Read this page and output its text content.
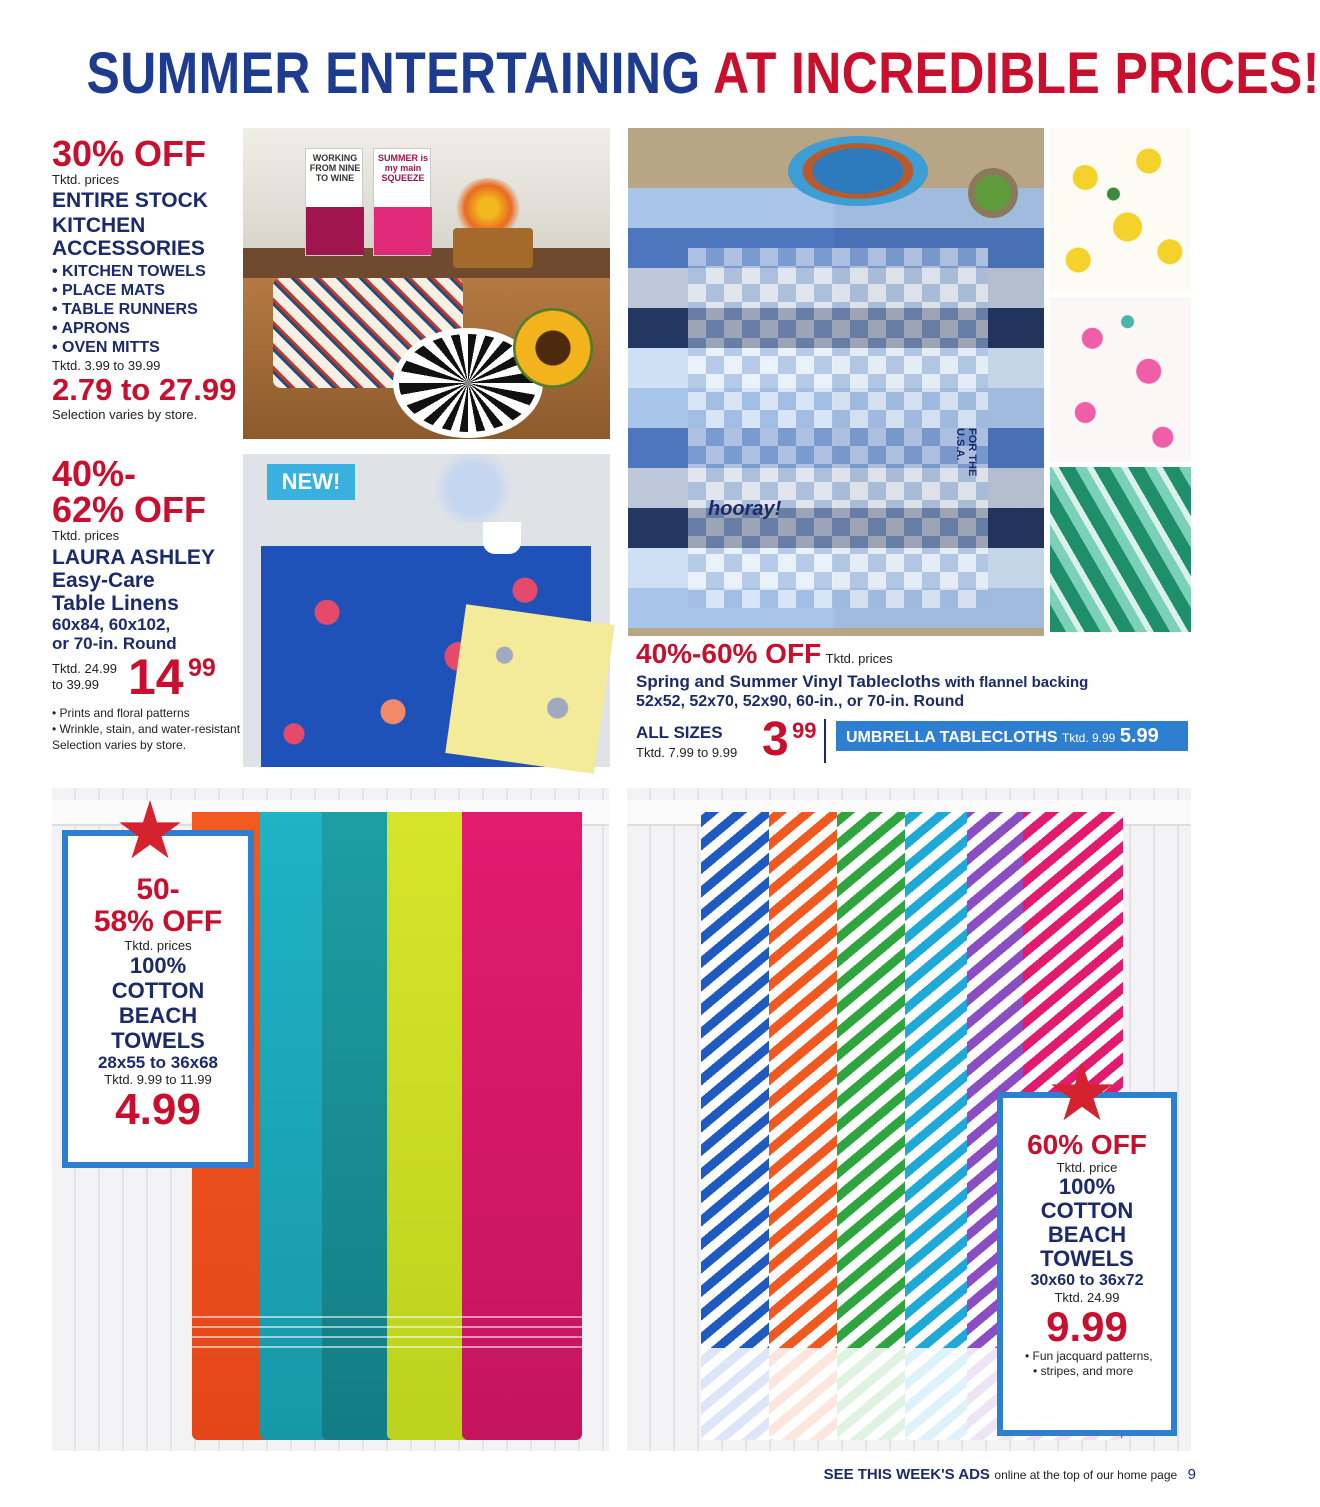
SUMMER ENTERTAINING AT INCREDIBLE PRICES!
30% OFF
Tktd. prices
ENTIRE STOCK
KITCHEN
ACCESSORIES
• KITCHEN TOWELS
• PLACE MATS
• TABLE RUNNERS
• APRONS
• OVEN MITTS
Tktd. 3.99 to 39.99
2.79 to 27.99
Selection varies by store.
WORKING FROM NINE TO WINE
SUMMER is my main SQUEEZE
40%-
62% OFF
Tktd. prices
LAURA ASHLEY
Easy-Care
Table Linens
60x84, 60x102,
or 70-in. Round
Tktd. 24.99
to 39.99 14 99
• Prints and floral patterns
• Wrinkle, stain, and water-resistant
Selection varies by store.
NEW!
hooray!
FOR THE U.S.A.
40%-60% OFF Tktd. prices
Spring and Summer Vinyl Tablecloths with flannel backing
52x52, 52x70, 52x90, 60-in., or 70-in. Round
ALL SIZES
Tktd. 7.99 to 9.99 3 99	UMBRELLA TABLECLOTHS Tktd. 9.99 5.99
50-
58% OFF
Tktd. prices
100%
COTTON
BEACH
TOWELS
28x55 to 36x68
Tktd. 9.99 to 11.99
4.99
60% OFF
Tktd. price
100%
COTTON
BEACH
TOWELS
30x60 to 36x72
Tktd. 24.99
9.99
• Fun jacquard patterns,
• stripes, and more
SEE THIS WEEK'S ADS online at the top of our home page 9
